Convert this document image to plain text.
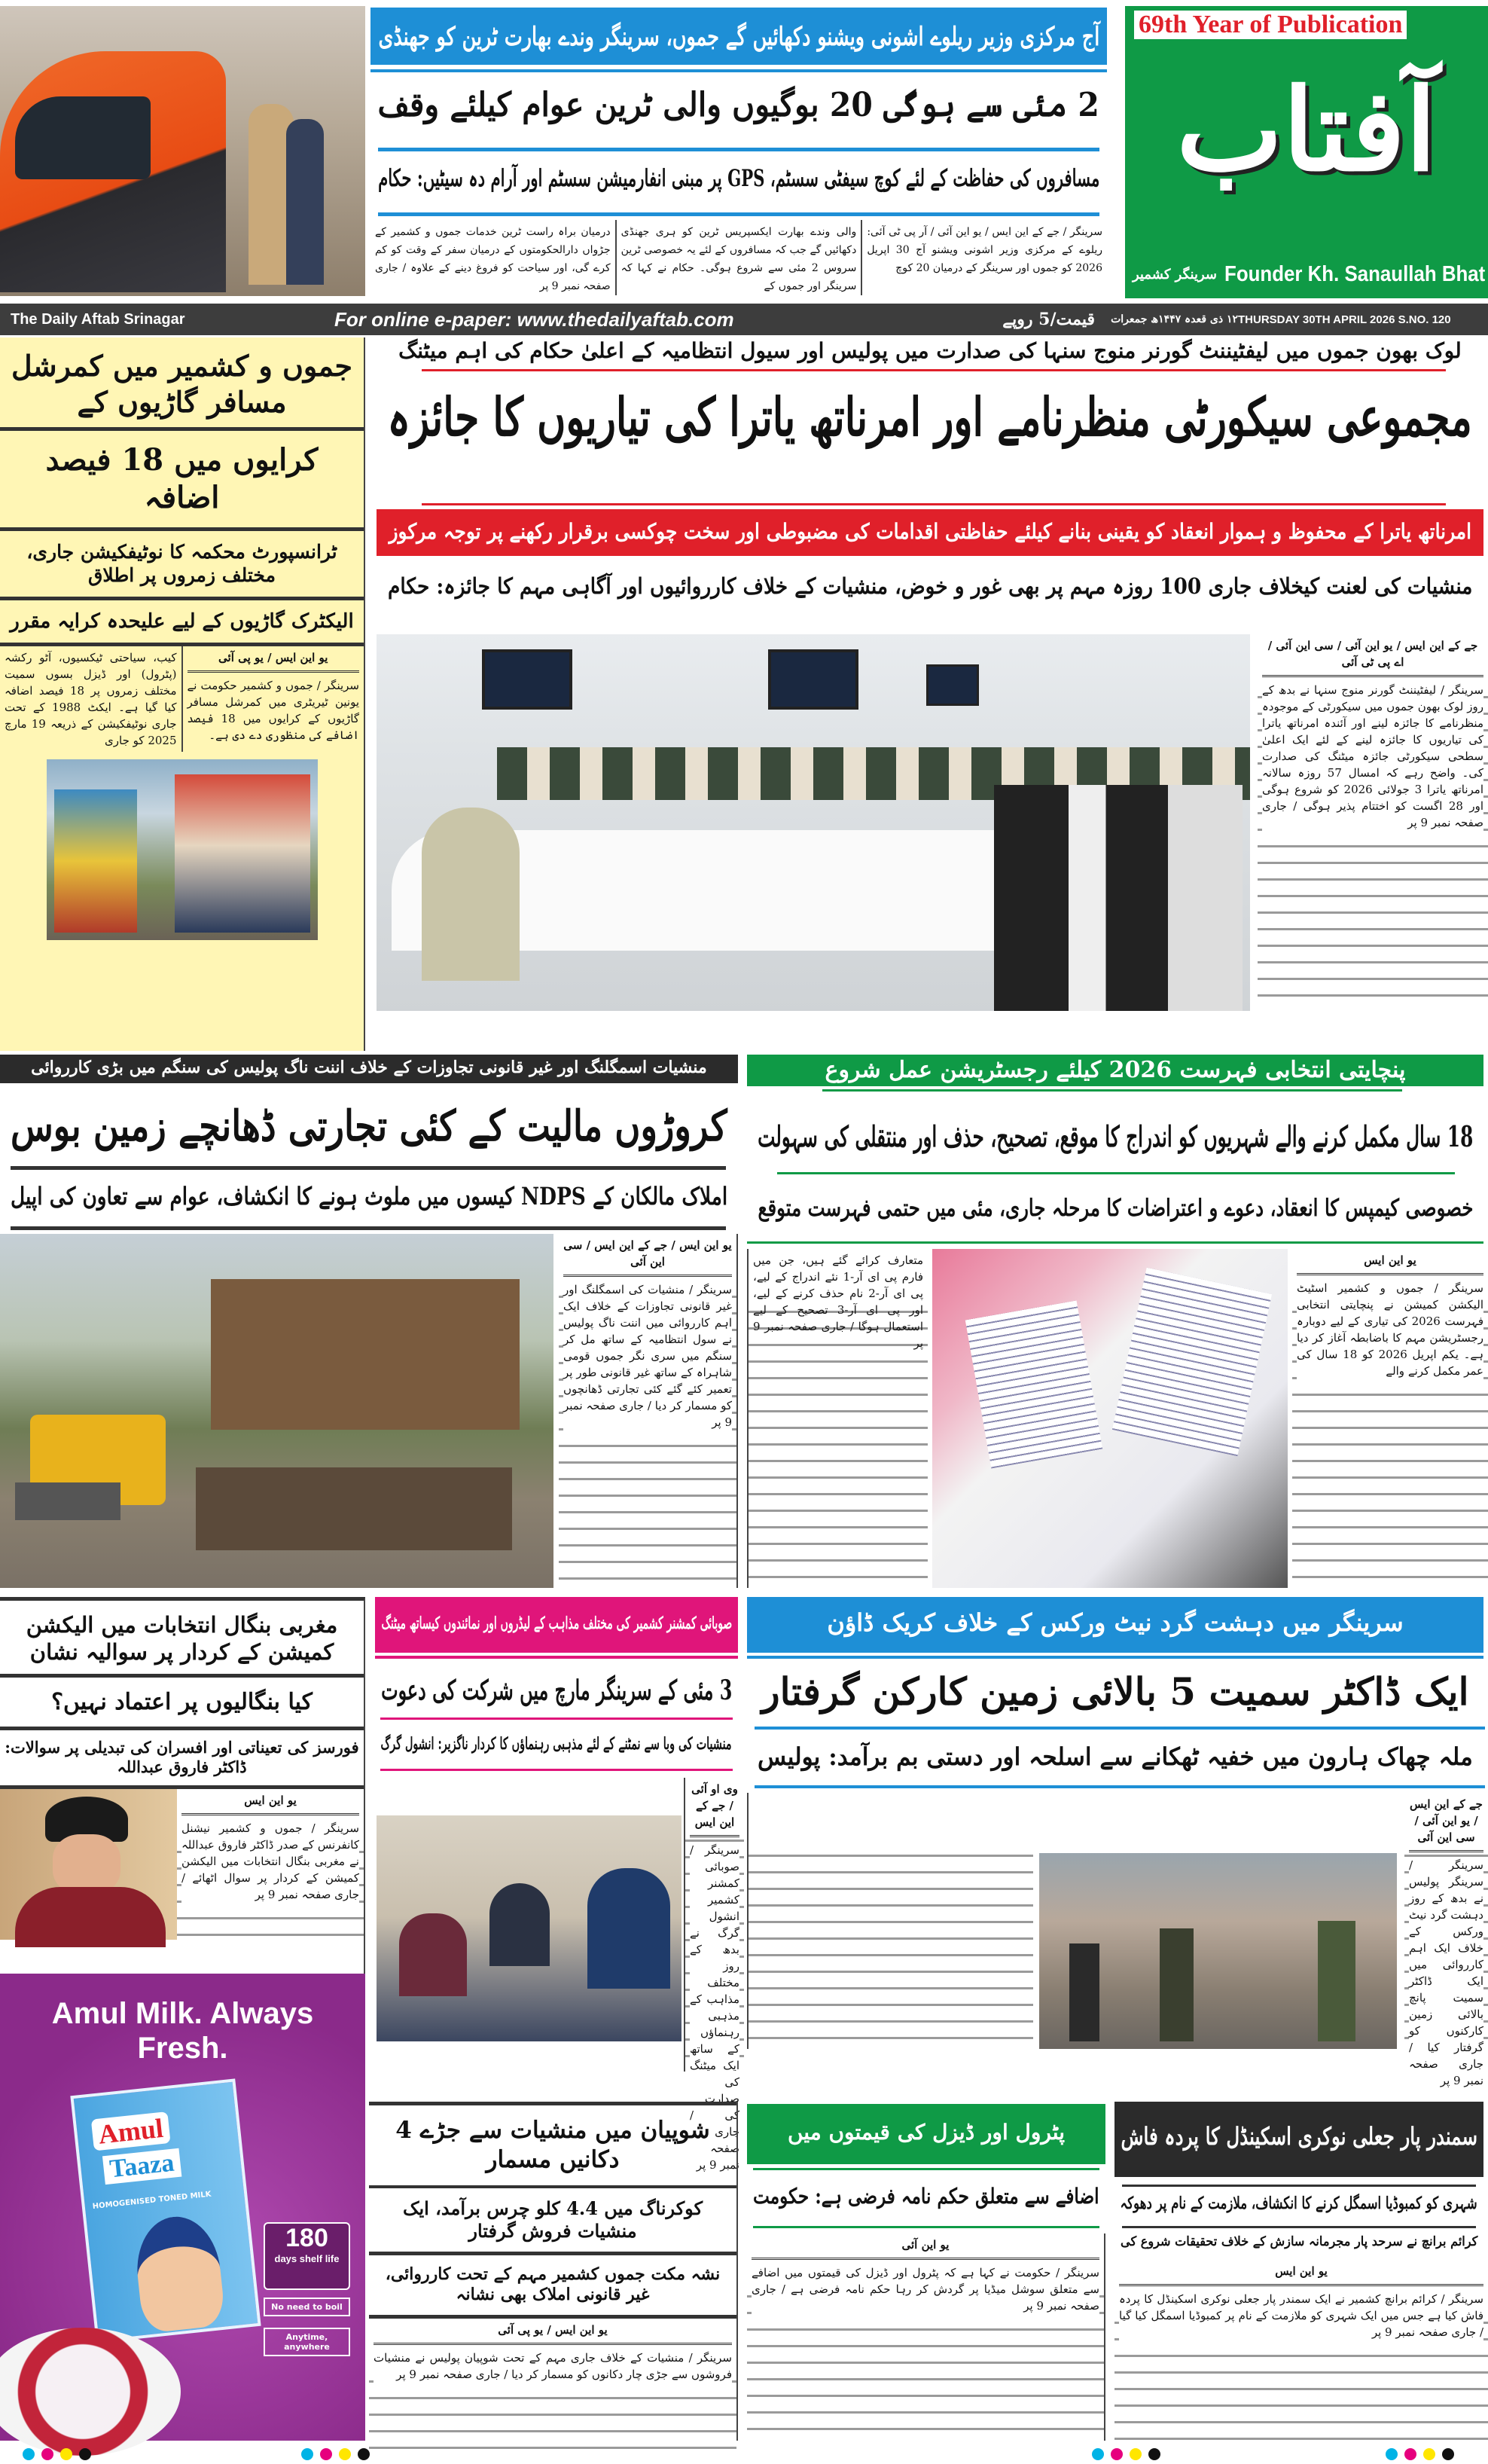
آج مرکزی وزیر ریلوے اشونی ویشنو دکھائیں گے جموں، سرینگر وندے بھارت ٹرین کو جھنڈی
2 مئی سے ہوگی 20 بوگیوں والی ٹرین عوام کیلئے وقف
مسافروں کی حفاظت کے لئے کوچ سیفٹی سسٹم، GPS پر مبنی انفارمیشن سسٹم اور آرام دہ سیٹیں: حکام
سرینگر / جے کے این ایس / یو این آئی / آر پی ٹی آئی: ریلوے کے مرکزی وزیر اشونی ویشنو آج 30 اپریل 2026 کو جموں اور سرینگر کے درمیان 20 کوچ
والی وندے بھارت ایکسپریس ٹرین کو ہری جھنڈی دکھائیں گے جب کہ مسافروں کے لئے یہ خصوصی ٹرین سروس 2 مئی سے شروع ہوگی۔ حکام نے کہا کہ سرینگر اور جموں کے
درمیان براہ راست ٹرین خدمات جموں و کشمیر کے جڑواں دارالحکومتوں کے درمیان سفر کے وقت کو کم کرے گی، اور سیاحت کو فروغ دینے کے علاوہ / جاری صفحہ نمبر 9 پر
آفتاب
69th Year of Publication
سرینگر کشمیر Founder Kh. Sanaullah Bhat
The Daily Aftab Srinagar	For online e-paper: www.thedailyaftab.com	قیمت/5 روپے	۱۲ ذی قعدہ ۱۴۴۷ھ جمعرات THURSDAY 30TH APRIL 2026 S.NO. 120
جموں و کشمیر میں کمرشل مسافر گاڑیوں کے
کرایوں میں 18 فیصد اضافہ
ٹرانسپورٹ محکمہ کا نوٹیفکیشن جاری، مختلف زمروں پر اطلاق
الیکٹرک گاڑیوں کے لیے علیحدہ کرایہ مقرر
یو این ایس / یو پی آئی
سرینگر / جموں و کشمیر حکومت نے یونین ٹیریٹری میں کمرشل مسافر گاڑیوں کے کرایوں میں 18 فیصد اضافے کی منظوری دے دی ہے۔
کیب، سیاحتی ٹیکسیوں، آٹو رکشہ (پٹرول) اور ڈیزل بسوں سمیت مختلف زمروں پر 18 فیصد اضافہ کیا گیا ہے۔ ایکٹ 1988 کے تحت جاری نوٹیفکیشن کے ذریعہ 19 مارچ 2025 کو جاری
لوک بھون جموں میں لیفٹیننٹ گورنر منوج سنہا کی صدارت میں پولیس اور سیول انتظامیہ کے اعلیٰ حکام کی اہم میٹنگ
مجموعی سیکورٹی منظرنامے اور امرناتھ یاترا کی تیاریوں کا جائزہ
امرناتھ یاترا کے محفوظ و ہموار انعقاد کو یقینی بنانے کیلئے حفاظتی اقدامات کی مضبوطی اور سخت چوکسی برقرار رکھنے پر توجہ مرکوز
منشیات کی لعنت کیخلاف جاری 100 روزہ مہم پر بھی غور و خوض، منشیات کے خلاف کارروائیوں اور آگاہی مہم کا جائزہ: حکام
جے کے این ایس / یو این آئی / سی این آئی / اے پی ٹی آئی
سرینگر / لیفٹیننٹ گورنر منوج سنہا نے بدھ کے روز لوک بھون جموں میں سیکورٹی کے موجودہ منظرنامے کا جائزہ لینے اور آئندہ امرناتھ یاترا کی تیاریوں کا جائزہ لینے کے لئے ایک اعلیٰ سطحی سیکورٹی جائزہ میٹنگ کی صدارت کی۔ واضح رہے کہ امسال 57 روزہ سالانہ امرناتھ یاترا 3 جولائی 2026 کو شروع ہوگی اور 28 اگست کو اختتام پذیر ہوگی / جاری صفحہ نمبر 9 پر
منشیات اسمگلنگ اور غیر قانونی تجاوزات کے خلاف اننت ناگ پولیس کی سنگم میں بڑی کارروائی
کروڑوں مالیت کے کئی تجارتی ڈھانچے زمین بوس
املاک مالکان کے NDPS کیسوں میں ملوث ہونے کا انکشاف، عوام سے تعاون کی اپیل
یو این ایس / جے کے این ایس / سی این آئی
سرینگر / منشیات کی اسمگلنگ اور غیر قانونی تجاوزات کے خلاف ایک اہم کارروائی میں اننت ناگ پولیس نے سول انتظامیہ کے ساتھ مل کر سنگم میں سری نگر جموں قومی شاہراہ کے ساتھ غیر قانونی طور پر تعمیر کئے گئے کئی تجارتی ڈھانچوں کو مسمار کر دیا / جاری صفحہ نمبر 9 پر
پنچایتی انتخابی فہرست 2026 کیلئے رجسٹریشن عمل شروع
18 سال مکمل کرنے والے شہریوں کو اندراج کا موقع، تصحیح، حذف اور منتقلی کی سہولت
خصوصی کیمپس کا انعقاد، دعوے و اعتراضات کا مرحلہ جاری، مئی میں حتمی فہرست متوقع
متعارف کرائے گئے ہیں، جن میں فارم پی ای آر-1 نئے اندراج کے لیے، پی ای آر-2 نام حذف کرنے کے لیے، اور پی ای آر-3 تصحیح کے لیے استعمال ہوگا / جاری صفحہ نمبر 9 پر
یو این ایس
سرینگر / جموں و کشمیر اسٹیٹ الیکشن کمیشن نے پنچایتی انتخابی فہرست 2026 کی تیاری کے لیے دوبارہ رجسٹریشن مہم کا باضابطہ آغاز کر دیا ہے۔ یکم اپریل 2026 کو 18 سال کی عمر مکمل کرنے والے
مغربی بنگال انتخابات میں الیکشن کمیشن کے کردار پر سوالیہ نشان
کیا بنگالیوں پر اعتماد نہیں؟
فورسز کی تعیناتی اور افسران کی تبدیلی پر سوالات: ڈاکٹر فاروق عبداللہ
یو این ایس
سرینگر / جموں و کشمیر نیشنل کانفرنس کے صدر ڈاکٹر فاروق عبداللہ نے مغربی بنگال انتخابات میں الیکشن کمیشن کے کردار پر سوال اٹھائے / جاری صفحہ نمبر 9 پر
صوبائی کمشنر کشمیر کی مختلف مذاہب کے لیڈروں اور نمائندوں کیساتھ میٹنگ
3 مئی کے سرینگر مارچ میں شرکت کی دعوت
منشیات کی وبا سے نمٹنے کے لئے مذہبی رہنماؤں کا کردار ناگزیر: انشول گرگ
وی او آئی / جے کے این ایس
سرینگر / صوبائی کمشنر کشمیر انشول گرگ نے بدھ کے روز مختلف مذاہب کے مذہبی رہنماؤں کے ساتھ ایک میٹنگ کی صدارت کی / جاری صفحہ نمبر 9 پر
سرینگر میں دہشت گرد نیٹ ورکس کے خلاف کریک ڈاؤن
ایک ڈاکٹر سمیت 5 بالائی زمین کارکن گرفتار
ملہ چھاک ہارون میں خفیہ ٹھکانے سے اسلحہ اور دستی بم برآمد: پولیس
جے کے این ایس / یو این آئی / سی این آئی
سرینگر / سرینگر پولیس نے بدھ کے روز دہشت گرد نیٹ ورکس کے خلاف ایک اہم کارروائی میں ایک ڈاکٹر سمیت پانچ بالائی زمین کارکنوں کو گرفتار کیا / جاری صفحہ نمبر 9 پر
Amul Milk. Always Fresh.
Amul
Taaza
HOMOGENISED TONED MILK
180
days shelf life
No need to boil
Anytime, anywhere
شوپیان میں منشیات سے جڑے 4 دکانیں مسمار
کوکرناگ میں 4.4 کلو چرس برآمد، ایک منشیات فروش گرفتار
نشہ مکت جموں کشمیر مہم کے تحت کارروائی، غیر قانونی املاک بھی نشانہ
یو این ایس / یو پی آئی
سرینگر / منشیات کے خلاف جاری مہم کے تحت شوپیان پولیس نے منشیات فروشوں سے جڑی چار دکانوں کو مسمار کر دیا / جاری صفحہ نمبر 9 پر
پٹرول اور ڈیزل کی قیمتوں میں
اضافے سے متعلق حکم نامہ فرضی ہے: حکومت
یو این آئی
سرینگر / حکومت نے کہا ہے کہ پٹرول اور ڈیزل کی قیمتوں میں اضافے سے متعلق سوشل میڈیا پر گردش کر رہا حکم نامہ فرضی ہے / جاری صفحہ نمبر 9 پر
سمندر پار جعلی نوکری اسکینڈل کا پردہ فاش
شہری کو کمبوڈیا اسمگل کرنے کا انکشاف، ملازمت کے نام پر دھوکہ
کرائم برانچ نے سرحد پار مجرمانہ سازش کے خلاف تحقیقات شروع کی
یو این ایس
سرینگر / کرائم برانچ کشمیر نے ایک سمندر پار جعلی نوکری اسکینڈل کا پردہ فاش کیا ہے جس میں ایک شہری کو ملازمت کے نام پر کمبوڈیا اسمگل کیا گیا / جاری صفحہ نمبر 9 پر
